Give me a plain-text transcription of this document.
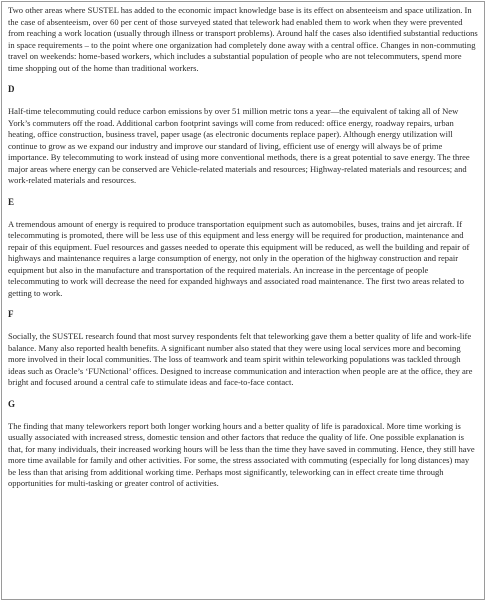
Two other areas where SUSTEL has added to the economic impact knowledge base is its effect on absenteeism and space utilization. In the case of absenteeism, over 60 per cent of those surveyed stated that telework had enabled them to work when they were prevented from reaching a work location (usually through illness or transport problems). Around half the cases also identified substantial reductions in space requirements – to the point where one organization had completely done away with a central office. Changes in non-commuting travel on weekends: home-based workers, which includes a substantial population of people who are not telecommuters, spend more time shopping out of the home than traditional workers.

D

Half-time telecommuting could reduce carbon emissions by over 51 million metric tons a year—the equivalent of taking all of New York’s commuters off the road. Additional carbon footprint savings will come from reduced: office energy, roadway repairs, urban heating, office construction, business travel, paper usage (as electronic documents replace paper). Although energy utilization will continue to grow as we expand our industry and improve our standard of living, efficient use of energy will always be of prime importance. By telecommuting to work instead of using more conventional methods, there is a great potential to save energy. The three major areas where energy can be conserved are Vehicle-related materials and resources; Highway-related materials and resources; and work-related materials and resources.

E

A tremendous amount of energy is required to produce transportation equipment such as automobiles, buses, trains and jet aircraft. If telecommuting is promoted, there will be less use of this equipment and less energy will be required for production, maintenance and repair of this equipment. Fuel resources and gasses needed to operate this equipment will be reduced, as well the building and repair of highways and maintenance requires a large consumption of energy, not only in the operation of the highway construction and repair equipment but also in the manufacture and transportation of the required materials. An increase in the percentage of people telecommuting to work will decrease the need for expanded highways and associated road maintenance. The first two areas related to getting to work.

F

Socially, the SUSTEL research found that most survey respondents felt that teleworking gave them a better quality of life and work-life balance. Many also reported health benefits. A significant number also stated that they were using local services more and becoming more involved in their local communities. The loss of teamwork and team spirit within teleworking populations was tackled through ideas such as Oracle’s ‘FUNctional’ offices. Designed to increase communication and interaction when people are at the office, they are bright and focused around a central cafe to stimulate ideas and face-to-face contact.

G

The finding that many teleworkers report both longer working hours and a better quality of life is paradoxical. More time working is usually associated with increased stress, domestic tension and other factors that reduce the quality of life. One possible explanation is that, for many individuals, their increased working hours will be less than the time they have saved in commuting. Hence, they still have more time available for family and other activities. For some, the stress associated with commuting (especially for long distances) may be less than that arising from additional working time. Perhaps most significantly, teleworking can in effect create time through opportunities for multi-tasking or greater control of activities.
